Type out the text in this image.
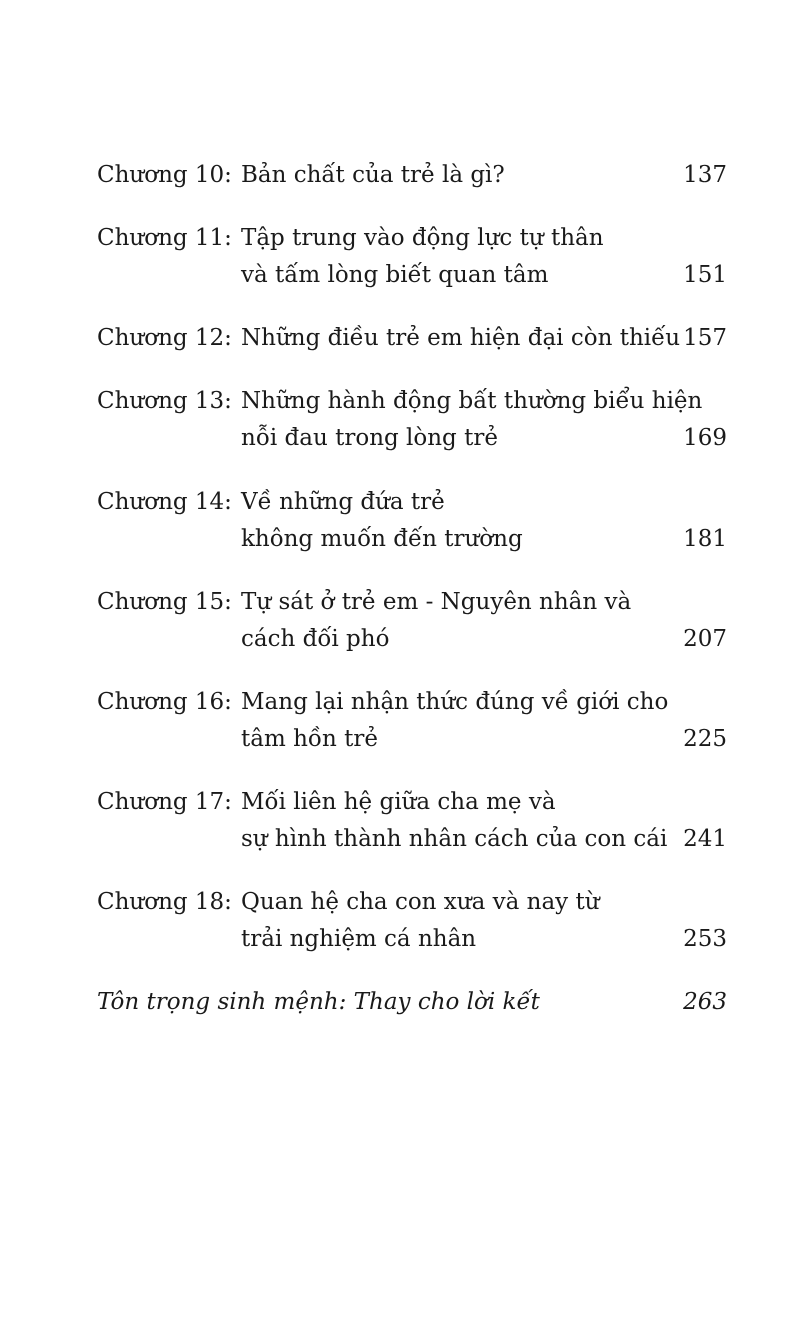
Chương 10: Bản chất của trẻ là gì?	137
Chương 11: Tập trung vào động lực tự thân
và tấm lòng biết quan tâm	151
Chương 12: Những điều trẻ em hiện đại còn thiếu 157
Chương 13: Những hành động bất thường biểu hiện
nỗi đau trong lòng trẻ	169
Chương 14: Về những đứa trẻ
không muốn đến trường	181
Chương 15: Tự sát ở trẻ em - Nguyên nhân và
cách đối phó	207
Chương 16: Mang lại nhận thức đúng về giới cho
tâm hồn trẻ	225
Chương 17: Mối liên hệ giữa cha mẹ và
sự hình thành nhân cách của con cái 241
Chương 18: Quan hệ cha con xưa và nay từ
trải nghiệm cá nhân	253
Tôn trọng sinh mệnh: Thay cho lời kết	263
